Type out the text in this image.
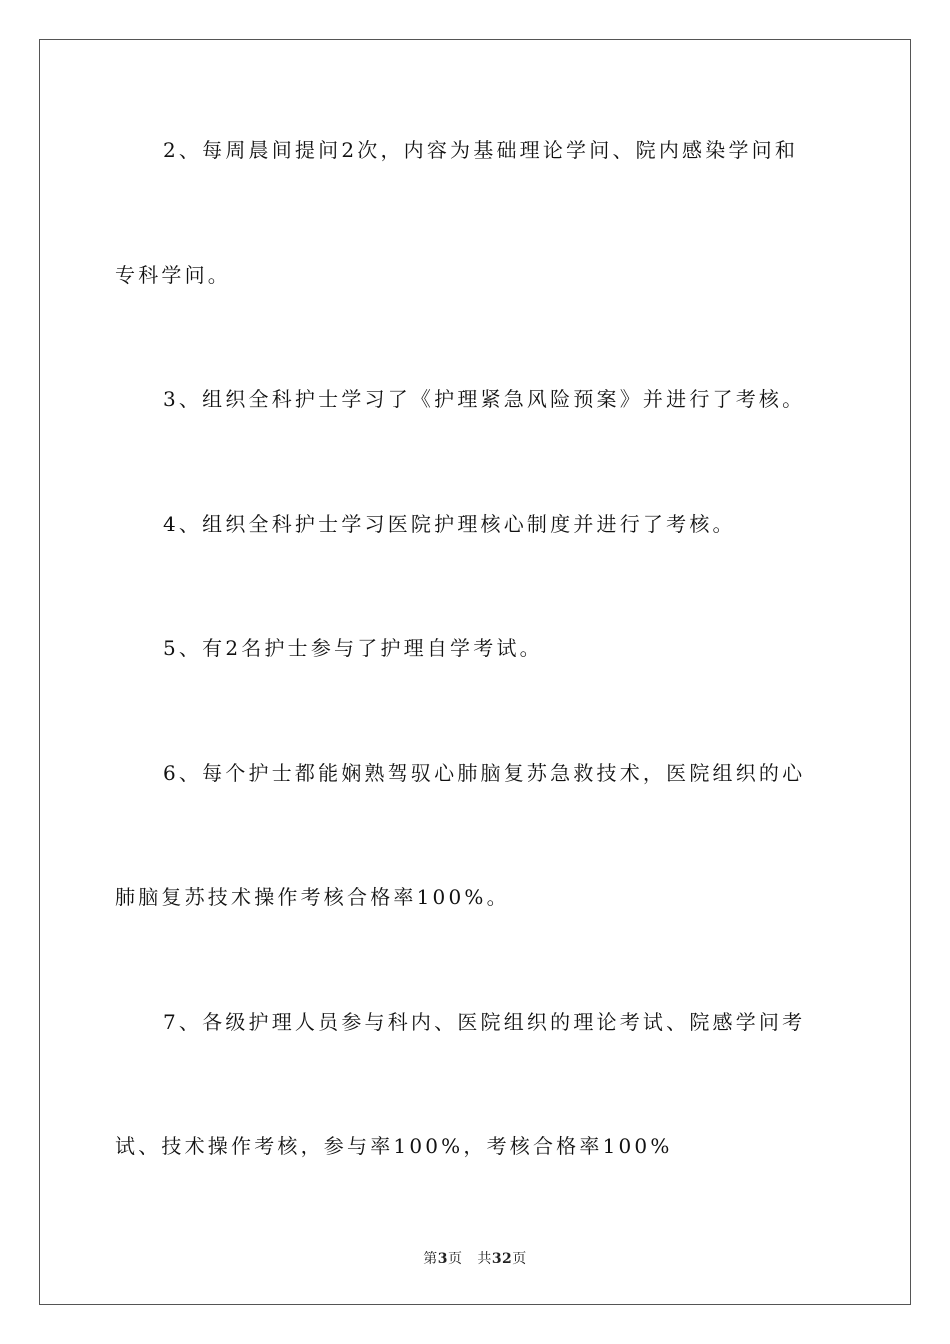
2、每周晨间提问2次，内容为基础理论学问、院内感染学问和
专科学问。
3、组织全科护士学习了《护理紧急风险预案》并进行了考核。
4、组织全科护士学习医院护理核心制度并进行了考核。
5、有2名护士参与了护理自学考试。
6、每个护士都能娴熟驾驭心肺脑复苏急救技术，医院组织的心
肺脑复苏技术操作考核合格率100%。
7、各级护理人员参与科内、医院组织的理论考试、院感学问考
试、技术操作考核，参与率100%，考核合格率100%
第3页 共32页
